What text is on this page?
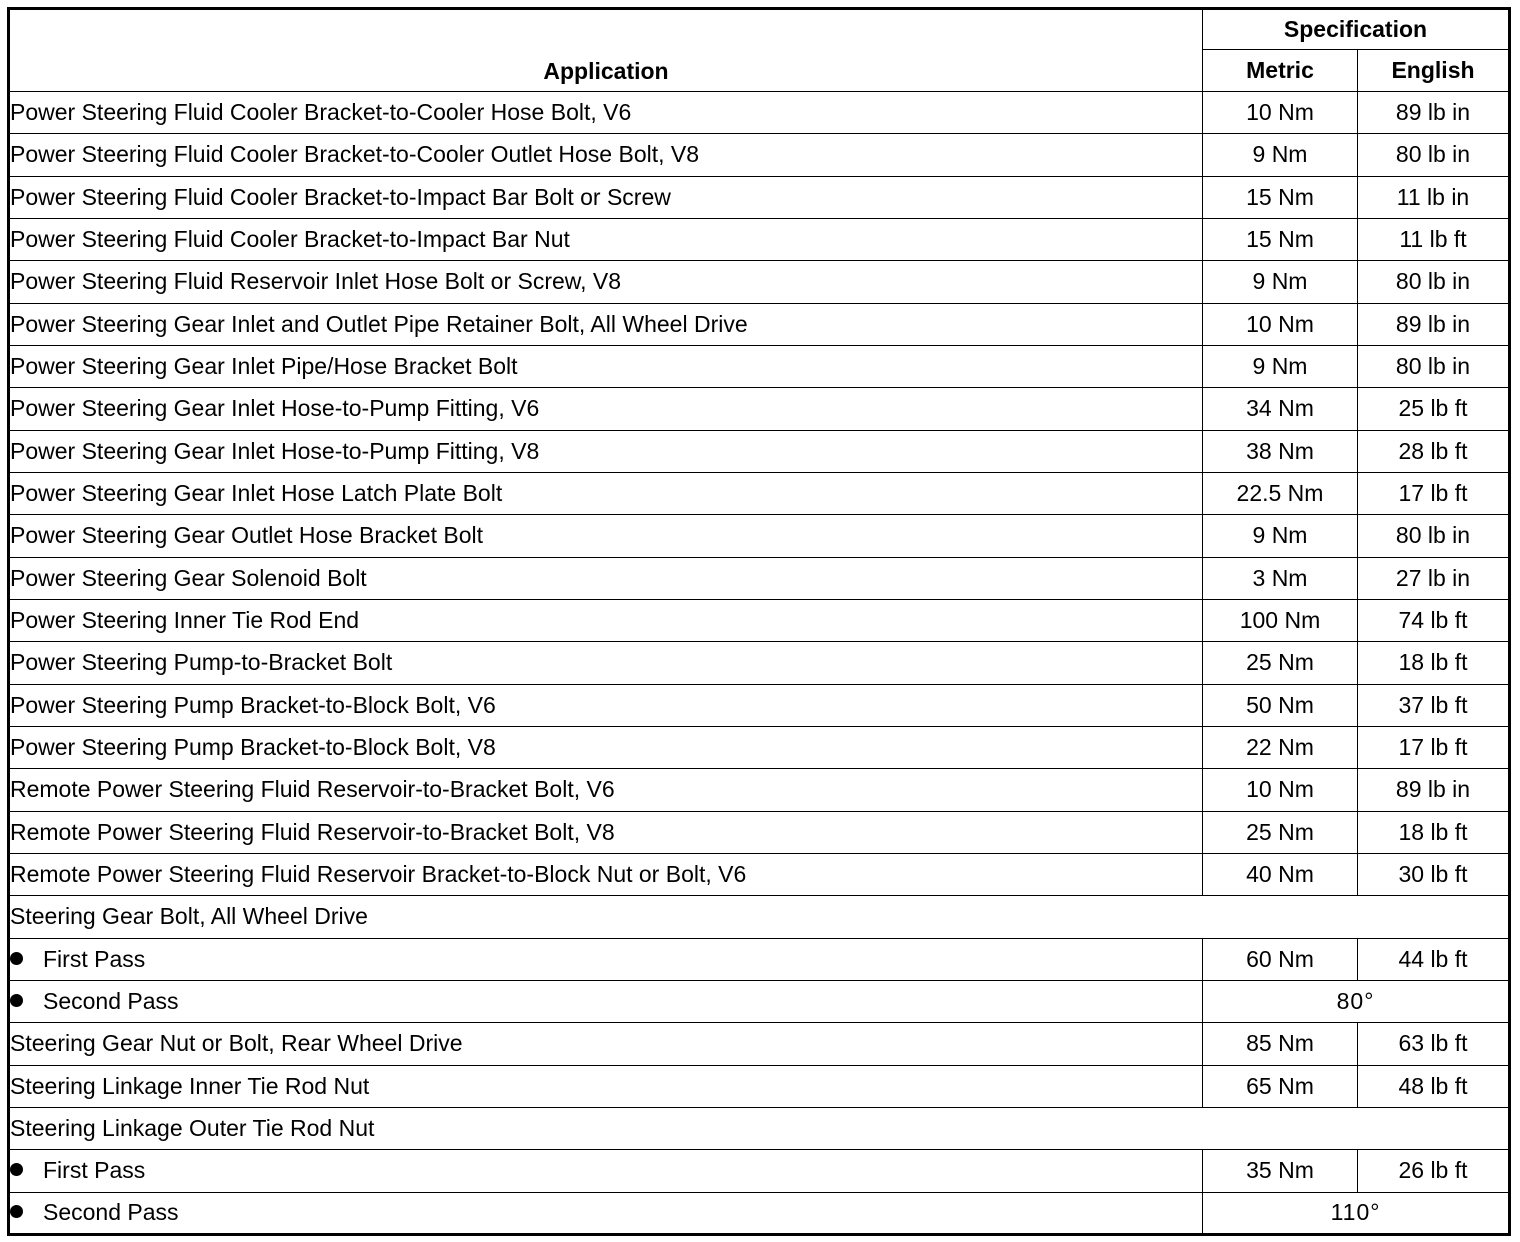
Application	Specification	
	Metric	English
Power Steering Fluid Cooler Bracket-to-Cooler Hose Bolt, V6	10 Nm	89 lb in
Power Steering Fluid Cooler Bracket-to-Cooler Outlet Hose Bolt, V8	9 Nm	80 lb in
Power Steering Fluid Cooler Bracket-to-Impact Bar Bolt or Screw	15 Nm	11 lb in
Power Steering Fluid Cooler Bracket-to-Impact Bar Nut	15 Nm	11 lb ft
Power Steering Fluid Reservoir Inlet Hose Bolt or Screw, V8	9 Nm	80 lb in
Power Steering Gear Inlet and Outlet Pipe Retainer Bolt, All Wheel Drive	10 Nm	89 lb in
Power Steering Gear Inlet Pipe/Hose Bracket Bolt	9 Nm	80 lb in
Power Steering Gear Inlet Hose-to-Pump Fitting, V6	34 Nm	25 lb ft
Power Steering Gear Inlet Hose-to-Pump Fitting, V8	38 Nm	28 lb ft
Power Steering Gear Inlet Hose Latch Plate Bolt	22.5 Nm	17 lb ft
Power Steering Gear Outlet Hose Bracket Bolt	9 Nm	80 lb in
Power Steering Gear Solenoid Bolt	3 Nm	27 lb in
Power Steering Inner Tie Rod End	100 Nm	74 lb ft
Power Steering Pump-to-Bracket Bolt	25 Nm	18 lb ft
Power Steering Pump Bracket-to-Block Bolt, V6	50 Nm	37 lb ft
Power Steering Pump Bracket-to-Block Bolt, V8	22 Nm	17 lb ft
Remote Power Steering Fluid Reservoir-to-Bracket Bolt, V6	10 Nm	89 lb in
Remote Power Steering Fluid Reservoir-to-Bracket Bolt, V8	25 Nm	18 lb ft
Remote Power Steering Fluid Reservoir Bracket-to-Block Nut or Bolt, V6	40 Nm	30 lb ft
Steering Gear Bolt, All Wheel Drive		
First Pass	60 Nm	44 lb ft
Second Pass	80°	
Steering Gear Nut or Bolt, Rear Wheel Drive	85 Nm	63 lb ft
Steering Linkage Inner Tie Rod Nut	65 Nm	48 lb ft
Steering Linkage Outer Tie Rod Nut		
First Pass	35 Nm	26 lb ft
Second Pass	110°	
